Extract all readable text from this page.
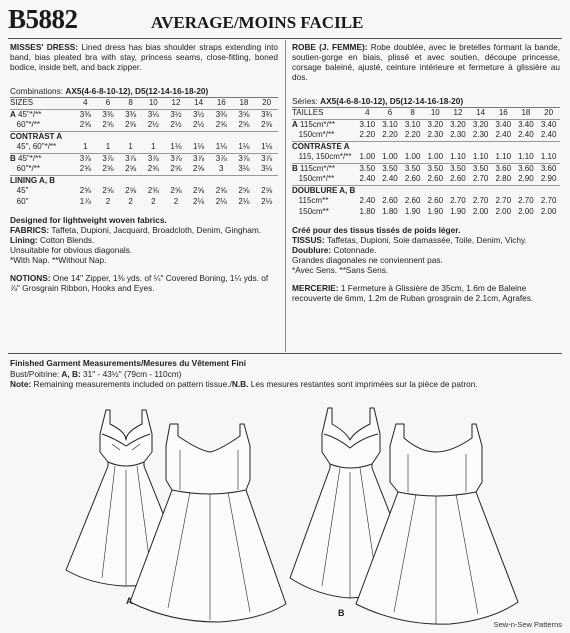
B5882	AVERAGE/MOINS FACILE
MISSES' DRESS: Lined dress has bias shoulder straps extending into band, bias pleated bra with stay, princess seams, close-fitting, boned bodice, inside belt, and back zipper.
Combinations: AX5(4-6-8-10-12), D5(12-14-16-18-20)
SIZES	4	6	8	10	12	14	16	18	20
A 45"*/**	3⅜	3⅜	3⅜	3⅛	3½	3½	3⅜	3⅝	3¾
60"*/**	2⅝	2⅝	2⅝	2½	2½	2½	2⅝	2⅝	2⅝
CONTRAST A									
45", 60"*/**	1	1	1	1	1⅛	1⅛	1⅛	1⅛	1⅛
B 45"*/**	3⅞	3⅞	3⅞	3⅞	3⅞	3⅞	3⅞	3⅞	3⅞
60"*/**	2⅝	2⅝	2⅝	2⅝	2⅝	2⅝	3	3⅛	3⅛
LINING A, B									
45"	2⅝	2⅝	2⅝	2⅝	2⅝	2⅝	2⅝	2⅝	2⅝
60"	1⅞	2	2	2	2	2⅛	2⅛	2⅛	2⅛
Designed for lightweight woven fabrics.
FABRICS: Taffeta, Dupioni, Jacquard, Broadcloth, Denim, Gingham. Lining: Cotton Blends.
Unsuitable for obvious diagonals.
*With Nap. **Without Nap.
NOTIONS: One 14" Zipper, 1⅜ yds. of ¼" Covered Boning, 1¼ yds. of ⅞" Grosgrain Ribbon, Hooks and Eyes.
ROBE (J. FEMME): Robe doublée, avec le bretelles formant la bande, soutien-gorge en biais, plissé et avec soutien, découpe princesse, corsage baleiné, ajusté, ceinture intérieure et fermeture à glissière au dos.
Séries: AX5(4-6-8-10-12), D5(12-14-16-18-20)
TAILLES	4	6	8	10	12	14	16	18	20
A 115cm*/**	3.10	3.10	3.10	3.20	3.20	3.20	3.40	3.40	3.40
150cm*/**	2.20	2.20	2.20	2.30	2.30	2.30	2.40	2.40	2.40
CONTRASTE A									
115, 150cm*/**	1.00	1.00	1.00	1.00	1.10	1.10	1.10	1.10	1.10
B 115cm*/**	3.50	3.50	3.50	3.50	3.50	3.50	3.60	3.60	3.60
150cm*/**	2.40	2.40	2.60	2.60	2.60	2.70	2.80	2.90	2.90
DOUBLURE A, B									
115cm**	2.40	2.60	2.60	2.60	2.70	2.70	2.70	2.70	2.70
150cm**	1.80	1.80	1.90	1.90	1.90	2.00	2.00	2.00	2.00
Créé pour des tissus tissés de poids léger.
TISSUS: Taffetas, Dupioni, Soie damassée, Toile, Denim, Vichy. Doublure: Cotonnade.
Grandes diagonales ne conviennent pas.
*Avec Sens. **Sans Sens.
MERCERIE: 1 Fermeture à Glissière de 35cm, 1.6m de Baleine recouverte de 6mm, 1.2m de Ruban grosgrain de 2.1cm, Agrafes.
Finished Garment Measurements/Mesures du Vêtement Fini
Bust/Poitrine: A, B: 31" - 43½" (79cm - 110cm)
Note: Remaining measurements included on pattern tissue./N.B. Les mesures restantes sont imprimées sur la pièce de patron.
A
B
Sew-n-Sew Patterns
